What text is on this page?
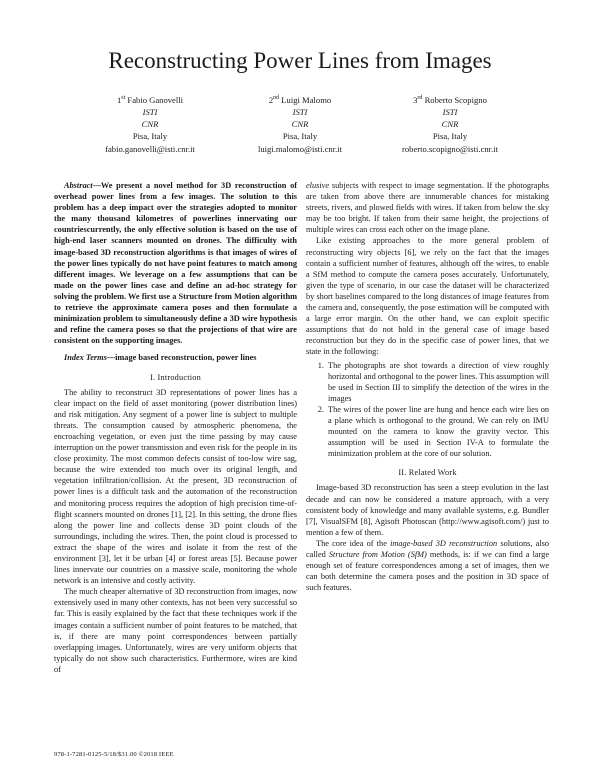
Reconstructing Power Lines from Images
1st Fabio Ganovelli
ISTI
CNR
Pisa, Italy
fabio.ganovelli@isti.cnr.it
2nd Luigi Malomo
ISTI
CNR
Pisa, Italy
luigi.malomo@isti.cnr.it
3rd Roberto Scopigno
ISTI
CNR
Pisa, Italy
roberto.scopigno@isti.cnr.it

Abstract—We present a novel method for 3D reconstruction of overhead power lines from a few images. The solution to this problem has a deep impact over the strategies adopted to monitor the many thousand kilometres of powerlines innervating our countriescurrently, the only effective solution is based on the use of high-end laser scanners mounted on drones. The difficulty with image-based 3D reconstruction algorithms is that images of wires of the power lines typically do not have point features to match among different images. We leverage on a few assumptions that can be made on the power lines case and define an ad-hoc strategy for solving the problem. We first use a Structure from Motion algorithm to retrieve the approximate camera poses and then formulate a minimization problem to simultaneously define a 3D wire hypothesis and refine the camera poses so that the projections of that wire are consistent on the supporting images.

Index Terms—image based reconstruction, power lines

I. Introduction

The ability to reconstruct 3D representations of power lines has a clear impact on the field of asset monitoring (power distribution lines) and risk mitigation. Any segment of a power line is subject to multiple threats. The consumption caused by atmospheric phenomena, the encroaching vegetation, or even just the time passing by may cause interruption on the power transmission and even risk for the people in its close proximity. The most common defects consist of too-low wire sag, because the wire extended too much over its original length, and vegetation infiltration/collision. At the present, 3D reconstruction of power lines is a difficult task and the automation of the reconstruction and monitoring process requires the adoption of high precision time-of-flight scanners mounted on drones [1], [2]. In this setting, the drone flies along the power line and collects dense 3D point clouds of the surroundings, including the wires. Then, the point cloud is processed to extract the shape of the wires and isolate it from the rest of the environment [3], let it be urban [4] or forest areas [5]. Because power lines innervate our countries on a massive scale, monitoring the whole network is an intensive and costly activity.

The much cheaper alternative of 3D reconstruction from images, now extensively used in many other contexts, has not been very successful so far. This is easily explained by the fact that these techniques work if the images contain a sufficient number of point features to be matched, that is, if there are many point correspondences between partially overlapping images. Unfortunately, wires are very uniform objects that typically do not show such characteristics. Furthermore, wires are kind of

elusive subjects with respect to image segmentation. If the photographs are taken from above there are innumerable chances for mistaking streets, rivers, and plowed fields with wires. If taken from below the sky may be too bright. If taken from their same height, the projections of multiple wires can cross each other on the image plane.

Like existing approaches to the more general problem of reconstructing wiry objects [6], we rely on the fact that the images contain a sufficient number of features, although off the wires, to enable a SfM method to compute the camera poses accurately. Unfortunately, given the type of scenario, in our case the dataset will be characterized by short baselines compared to the long distances of image features from the camera and, consequently, the pose estimation will be computed with a large error margin. On the other hand, we can exploit specific assumptions that do not hold in the general case of image based reconstruction but they do in the specific case of power lines, that we state in the following:

1. The photographs are shot towards a direction of view roughly horizontal and orthogonal to the power lines. This assumption will be used in Section III to simplify the detection of the wires in the images
2. The wires of the power line are hung and hence each wire lies on a plane which is orthogonal to the ground. We can rely on IMU mounted on the camera to know the gravity vector. This assumption will be used in Section IV-A to formulate the minimization problem at the core of our solution.
II. Related Work

Image-based 3D reconstruction has seen a steep evolution in the last decade and can now be considered a mature approach, with a very consistent body of knowledge and many available systems, e.g. Bundler [7], VisualSFM [8], Agisoft Photoscan (http://www.agisoft.com/) just to mention a few of them.

The core idea of the image-based 3D reconstruction solutions, also called Structure from Motion (SfM) methods, is: if we can find a large enough set of feature correspondences among a set of images, then we can both determine the camera poses and the position in 3D space of such features.

978-1-7281-0125-5/18/$31.00 ©2018 IEEE
